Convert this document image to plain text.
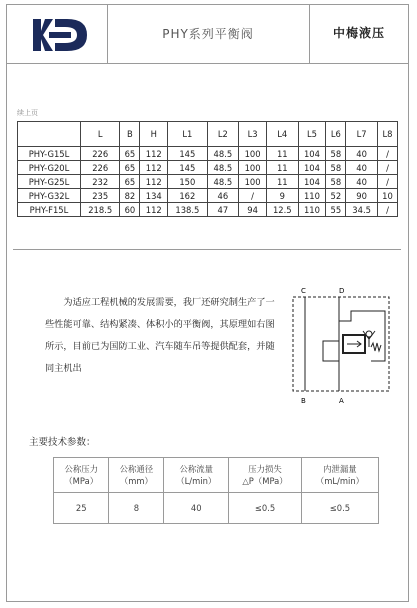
PHY系列平衡阀	中梅液压
续上页
	L	B	H	L1	L2	L3	L4	L5	L6	L7	L8
PHY-G15L	226	65	112	145	48.5	100	11	104	58	40	/
PHY-G20L	226	65	112	145	48.5	100	11	104	58	40	/
PHY-G25L	232	65	112	150	48.5	100	11	104	58	40	/
PHY-G32L	235	82	134	162	46	/	9	110	52	90	10
PHY-F15L	218.5	60	112	138.5	47	94	12.5	110	55	34.5	/
为适应工程机械的发展需要，我厂还研究制生产了一些性能可靠、结构紧凑、体积小的平衡阀，其原理如右图所示，目前已为国防工业、汽车随车吊等提供配套，并随同主机出
C	D
B	A
主要技术参数：
公称压力
（MPa）	公称通径
（mm）	公称流量
（L/min）	压力损失
△P（MPa）	内泄漏量
（mL/min）
25	8	40	≤0.5	≤0.5
